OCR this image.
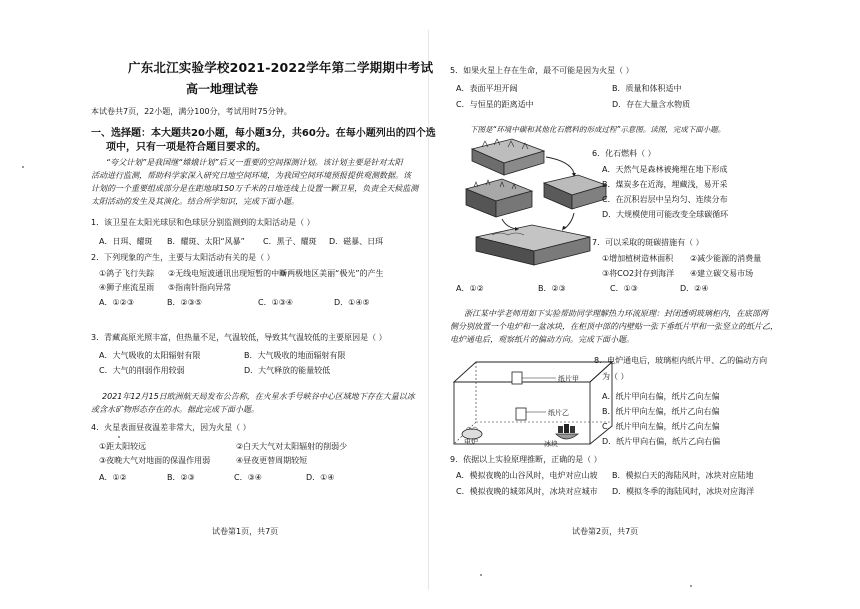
广东北江实验学校2021-2022学年第二学期期中考试
高一地理试卷
本试卷共7页，22小题，满分100分，考试用时75分钟。
一、选择题：本大题共20小题，每小题3分，共60分。在每小题列出的四个选
项中，只有一项是符合题目要求的。
“夸父计划”是我国继“嫦娥计划”后又一重要的空间探测计划。该计划主要是针对太阳
活动进行监测，帮助科学家深入研究日地空间环境，为我国空间环境预报提供观测数据。该
计划的一个重要组成部分是在距地球150万千米的日地连线上设置一颗卫星，负责全天候监测
太阳活动的发生及其演化。结合所学知识，完成下面小题。
1．该卫星在太阳光球层和色球层分别监测到的太阳活动是（ ）
A．日珥、耀斑 B．耀斑、太阳“风暴” C．黑子、耀斑 D．磁暴、日珥
2．下列现象的产生，主要与太阳活动有关的是（ ）
①鸽子飞行失踪 ②无线电短波通讯出现短暂的中断
③两极地区美丽“极光”的产生
④狮子座流星雨 ⑤指南针指向异常
A．①②③	B．②③⑤	C．①③④	D．①④⑤
3．青藏高原光照丰富，但热量不足，气温较低，导致其气温较低的主要原因是（ ）
A．大气吸收的太阳辐射有限	B．大气吸收的地面辐射有限
C．大气的削弱作用较弱	D．大气释放的能量较低
2021年12月15日欧洲航天局发布公告称，在火星水手号峡谷中心区域地下存在大量以冰
或含水矿物形态存在的水。据此完成下面小题。
4．火星表面昼夜温差非常大，因为火星（ ）
①距太阳较远	②白天大气对太阳辐射的削弱少
③夜晚大气对地面的保温作用弱	④昼夜更替周期较短
A．①②	B．②③	C．③④	D．①④
试卷第1页，共7页
5．如果火星上存在生命，最不可能是因为火星（ ）
A．表面平坦开阔	B．质量和体积适中
C．与恒星的距离适中	D．存在大量含水物质
下图是“环境中碳和其他化石燃料的形成过程”示意图。读图，完成下面小题。
6．化石燃料（ ）
A．天然气是森林被掩埋在地下形成
B．煤炭多在近海，埋藏浅，易开采
C．在沉积岩层中呈均匀、连续分布
D．大规模使用可能改变全球碳循环
7．可以采取的斑碳措施有（ ）
①增加植树造林面积 ②减少能源的消费量
③将CO2封存到海洋 ④建立碳交易市场
A．①②	B．②③	C．①③	D．②④
浙江某中学老师用如下实验帮助同学理解热力环流原理：封闭透明玻璃柜内，在底部两
侧分别放置一个电炉和一盆冰块，在柜顶中部的内壁贴一张下垂纸片甲和一张竖立的纸片乙，
电炉通电后，观察纸片的偏动方向。完成下面小题。
纸片甲
纸片乙
电炉	冰块
8．电炉通电后，玻璃柜内纸片甲、乙的偏动方向
为（ ）
A．纸片甲向右偏，纸片乙向左偏
B．纸片甲向左偏，纸片乙向右偏
C．纸片甲向左偏，纸片乙向左偏
D．纸片甲向右偏，纸片乙向右偏
9．依据以上实验原理推断，正确的是（ ）
A．模拟夜晚的山谷风时，电炉对应山坡 B．模拟白天的海陆风时，冰块对应陆地
C．模拟夜晚的城郊风时，冰块对应城市 D．模拟冬季的海陆风时，冰块对应海洋
试卷第2页，共7页
